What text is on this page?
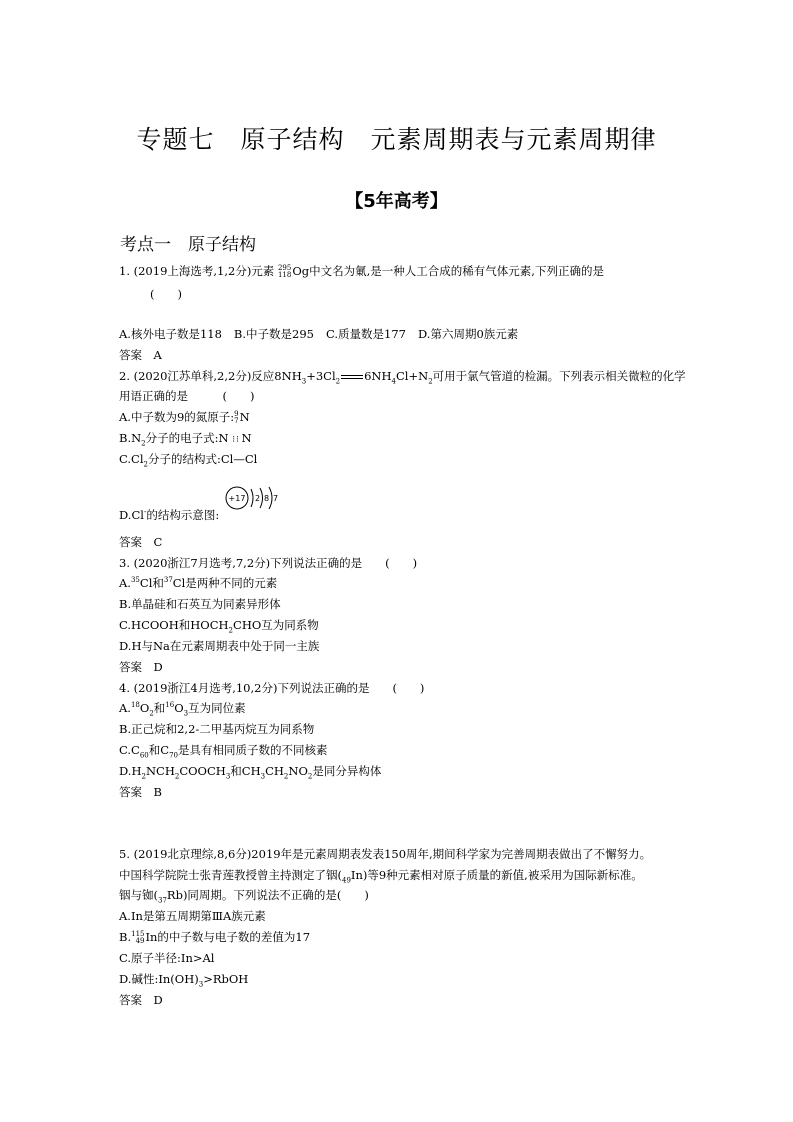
专题七　原子结构　元素周期表与元素周期律
【5年高考】
考点一　原子结构
1. (2019上海选考,1,2分)元素 295
118 Og中文名为氭,是一种人工合成的稀有气体元素,下列正确的是
(　　)
A.核外电子数是118 B.中子数是295 C.质量数是177 D.第六周期0族元素
答案　A
2. (2020江苏单科,2,2分)反应$8NH_3+3Cl_2$ $6NH_4Cl+N_2$可用于氯气管道的检漏。下列表示相关微粒的化学
用语正确的是　　　(　　)
A.中子数为9的氮原子: 9
7 N
$B.N_2$分子的电子式:N ⁝ ⁝ N
$C.Cl_2$分子的结构式:Cl—Cl
D.Cl-的结构示意图:
+17 2 8 7
答案　C
3. (2020浙江7月选考,7,2分)下列说法正确的是　　(　　)
A.$^{35}$Cl和$^{37}$Cl是两种不同的元素
B.单晶硅和石英互为同素异形体
C.HCOOH和$HOCH_2CHO$互为同系物
D.H与Na在元素周期表中处于同一主族
答案　D
4. (2019浙江4月选考,10,2分)下列说法正确的是　　(　　)
$A.^{18}O_2$和$^{16}O_3$互为同位素
B.正己烷和2,2-二甲基丙烷互为同系物
$C.C_{60}$和$C_{70}$是具有相同质子数的不同核素
$D.H_2NCH_2COOCH_3$和$CH_3CH_2NO_2$是同分异构体
答案　B
5. (2019北京理综,8,6分)2019年是元素周期表发表150周年,期间科学家为完善周期表做出了不懈努力。
中国科学院院士张青莲教授曾主持测定了铟$(_{49}In)$等9种元素相对原子质量的新值,被采用为国际新标准。
铟与铷$(_{37}Rb)$同周期。下列说法不正确的是(　　)
A.In是第五周期第ⅢA族元素
B. 115
49 In的中子数与电子数的差值为17
C.原子半径:In>Al
D.碱性$:In(OH)_3>RbOH$
答案　D
